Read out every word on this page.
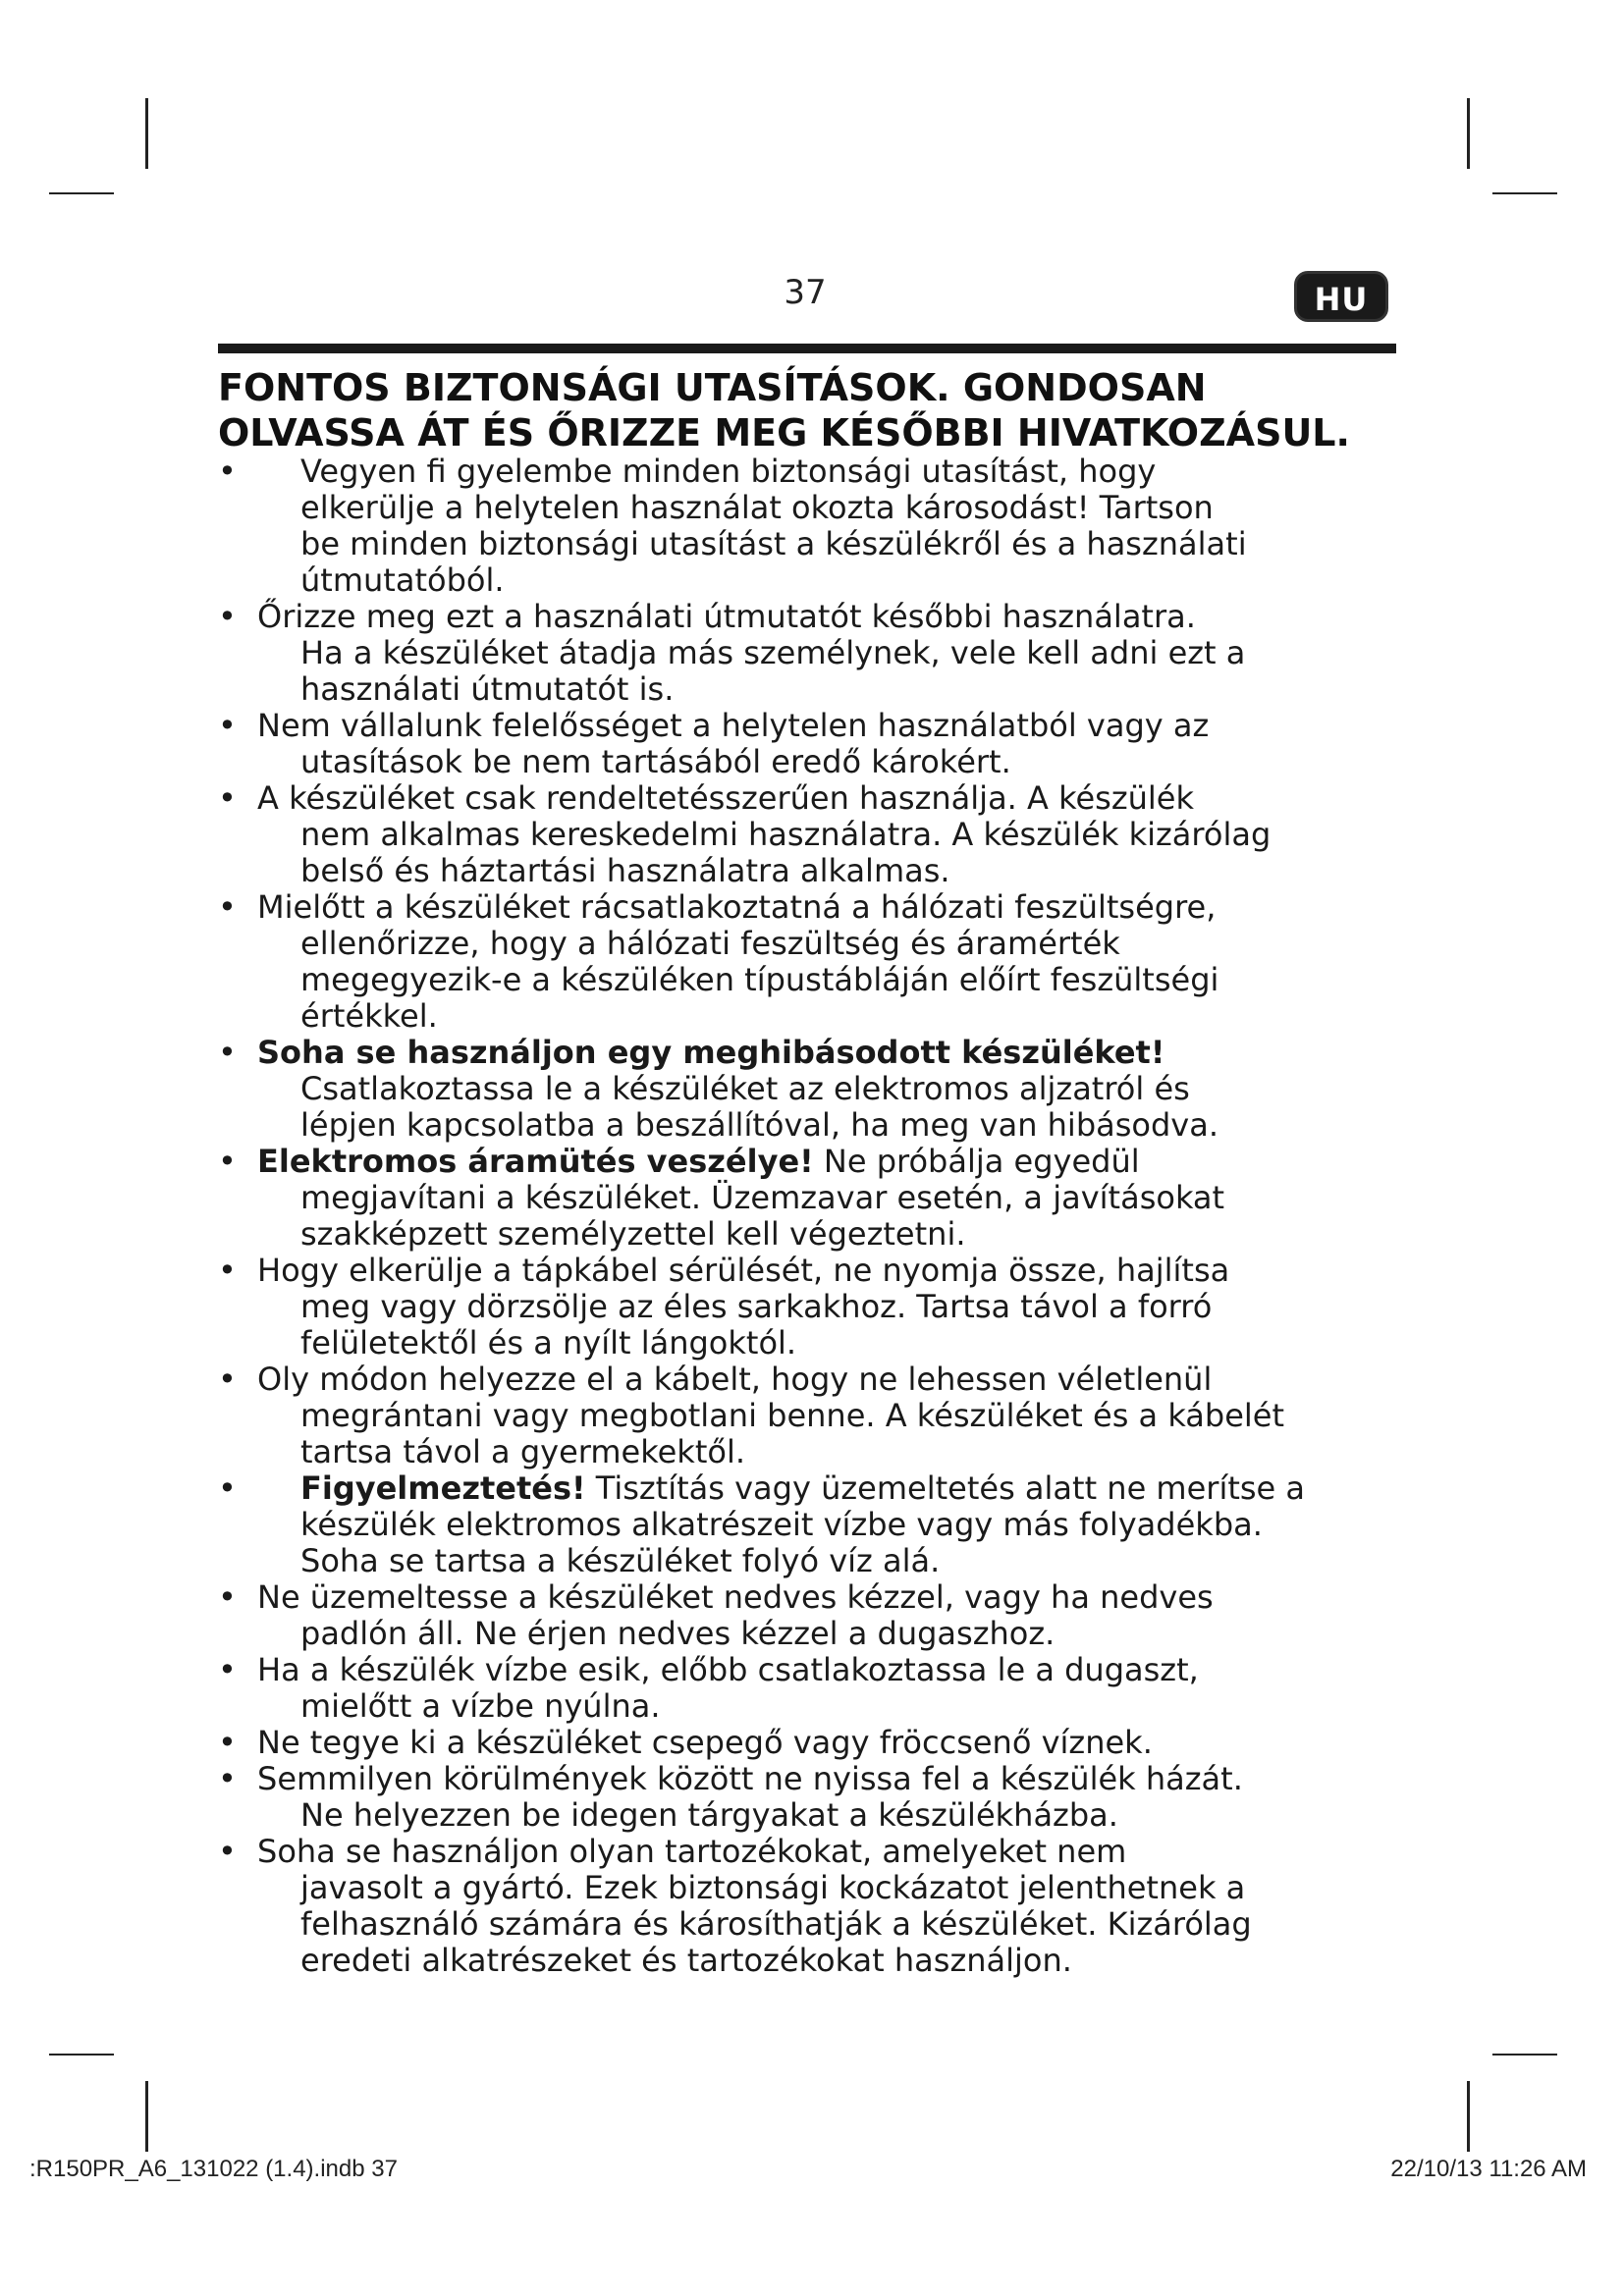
37	HU
FONTOS BIZTONSÁGI UTASÍTÁSOK. GONDOSAN
OLVASSA ÁT ÉS ŐRIZZE MEG KÉSŐBBI HIVATKOZÁSUL.
• Vegyen fi gyelembe minden biztonsági utasítást, hogy
elkerülje a helytelen használat okozta károsodást! Tartson
be minden biztonsági utasítást a készülékről és a használati
útmutatóból.
• Őrizze meg ezt a használati útmutatót későbbi használatra.
Ha a készüléket átadja más személynek, vele kell adni ezt a
használati útmutatót is.
• Nem vállalunk felelősséget a helytelen használatból vagy az
utasítások be nem tartásából eredő károkért.
• A készüléket csak rendeltetésszerűen használja. A készülék
nem alkalmas kereskedelmi használatra. A készülék kizárólag
belső és háztartási használatra alkalmas.
• Mielőtt a készüléket rácsatlakoztatná a hálózati feszültségre,
ellenőrizze, hogy a hálózati feszültség és áramérték
megegyezik-e a készüléken típustábláján előírt feszültségi
értékkel.
• Soha se használjon egy meghibásodott készüléket!
Csatlakoztassa le a készüléket az elektromos aljzatról és
lépjen kapcsolatba a beszállítóval, ha meg van hibásodva.
• Elektromos áramütés veszélye! Ne próbálja egyedül
megjavítani a készüléket. Üzemzavar esetén, a javításokat
szakképzett személyzettel kell végeztetni.
• Hogy elkerülje a tápkábel sérülését, ne nyomja össze, hajlítsa
meg vagy dörzsölje az éles sarkakhoz. Tartsa távol a forró
felületektől és a nyílt lángoktól.
• Oly módon helyezze el a kábelt, hogy ne lehessen véletlenül
megrántani vagy megbotlani benne. A készüléket és a kábelét
tartsa távol a gyermekektől.
• Figyelmeztetés! Tisztítás vagy üzemeltetés alatt ne merítse a
készülék elektromos alkatrészeit vízbe vagy más folyadékba.
Soha se tartsa a készüléket folyó víz alá.
• Ne üzemeltesse a készüléket nedves kézzel, vagy ha nedves
padlón áll. Ne érjen nedves kézzel a dugaszhoz.
• Ha a készülék vízbe esik, előbb csatlakoztassa le a dugaszt,
mielőtt a vízbe nyúlna.
• Ne tegye ki a készüléket csepegő vagy fröccsenő víznek.
• Semmilyen körülmények között ne nyissa fel a készülék házát.
Ne helyezzen be idegen tárgyakat a készülékházba.
• Soha se használjon olyan tartozékokat, amelyeket nem
javasolt a gyártó. Ezek biztonsági kockázatot jelenthetnek a
felhasználó számára és károsíthatják a készüléket. Kizárólag
eredeti alkatrészeket és tartozékokat használjon.
:R150PR_A6_131022 (1.4).indb 37	22/10/13 11:26 AM
